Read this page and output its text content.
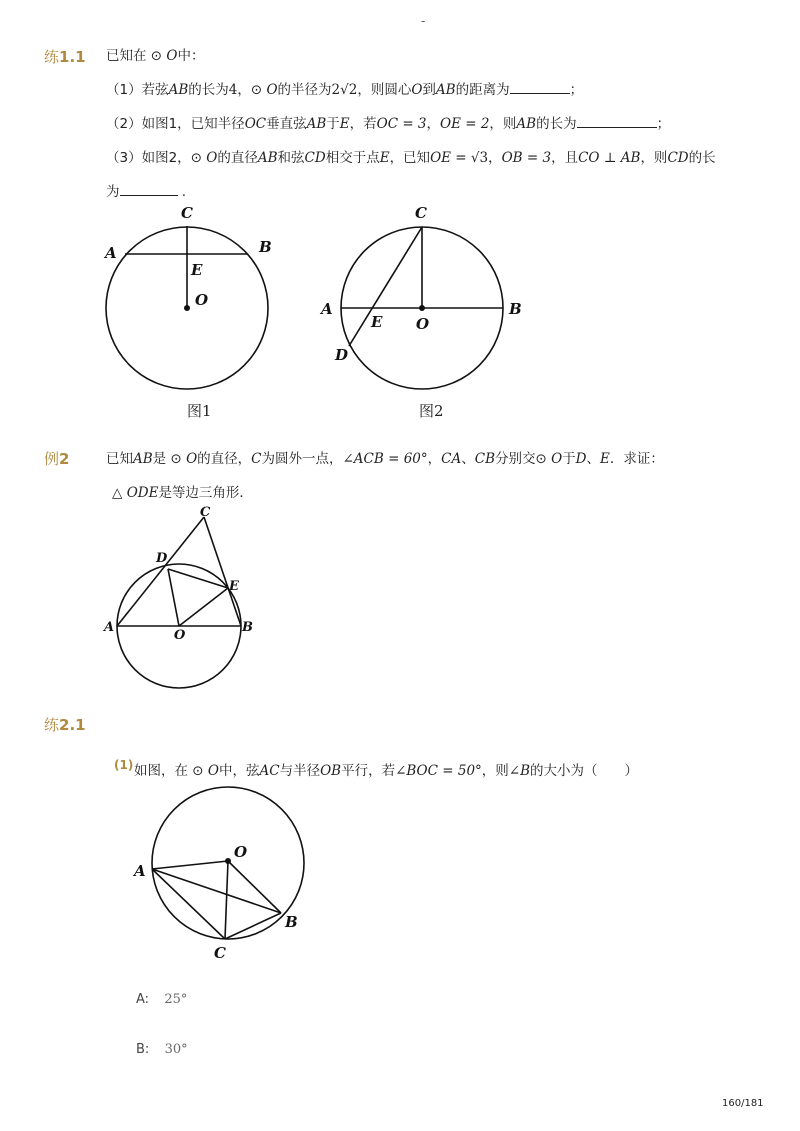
-
练1.1 已知在 ⊙ O中：
（1）若弦AB的长为4，⊙ O的半径为2√2，则圆心O到AB的距离为	；
（2）如图1，已知半径OC垂直弦AB于E，若OC = 3，OE = 2，则AB的长为	；
（3）如图2，⊙ O的直径AB和弦CD相交于点E，已知OE = √3，OB = 3，且CO ⊥ AB，则CD的长
为	.
C
A	B
E
O
图1
C
A	B
E O
D
图2
例2	已知AB是 ⊙ O的直径，C为圆外一点，∠ACB = 60°，CA、CB分别交⊙ O于D、E．求证：
△ ODE是等边三角形．
C
D
E
A	B
O
练2.1
(1) 如图，在 ⊙ O中，弦AC与半径OB平行，若∠BOC = 50°，则∠B的大小为（　　）
O
A
B
C
A: 25°
B: 30°
160/181
